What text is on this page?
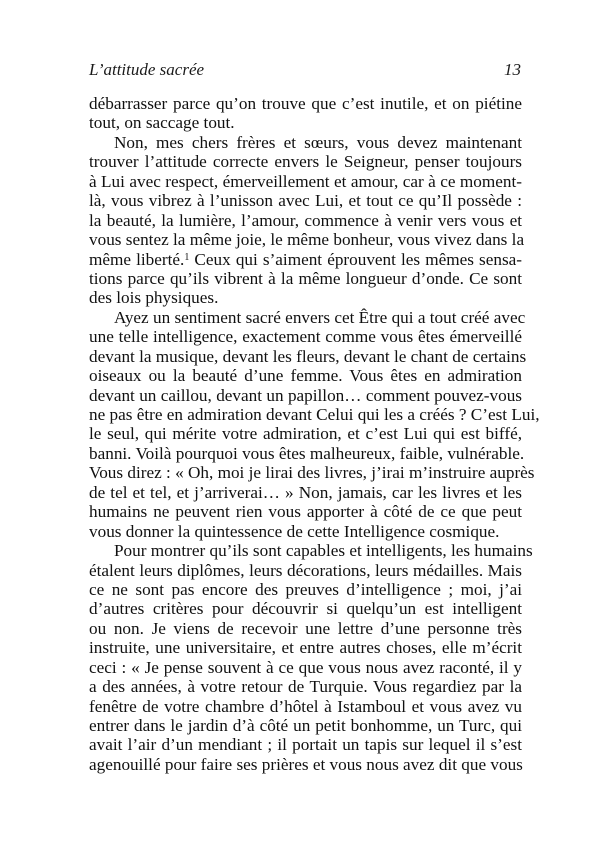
L’attitude sacrée	13
débarrasser parce qu’on trouve que c’est inutile, et on piétine
tout, on saccage tout.
Non, mes chers frères et sœurs, vous devez maintenant
trouver l’attitude correcte envers le Seigneur, penser toujours
à Lui avec respect, émerveillement et amour, car à ce moment-
là, vous vibrez à l’unisson avec Lui, et tout ce qu’Il possède :
la beauté, la lumière, l’amour, commence à venir vers vous et
vous sentez la même joie, le même bonheur, vous vivez dans la
même liberté.$^1$ Ceux qui s’aiment éprouvent les mêmes sensa-
tions parce qu’ils vibrent à la même longueur d’onde. Ce sont
des lois physiques.
Ayez un sentiment sacré envers cet Être qui a tout créé avec
une telle intelligence, exactement comme vous êtes émerveillé
devant la musique, devant les fleurs, devant le chant de certains
oiseaux ou la beauté d’une femme. Vous êtes en admiration
devant un caillou, devant un papillon… comment pouvez-vous
ne pas être en admiration devant Celui qui les a créés ? C’est Lui,
le seul, qui mérite votre admiration, et c’est Lui qui est biffé,
banni. Voilà pourquoi vous êtes malheureux, faible, vulnérable.
Vous direz : « Oh, moi je lirai des livres, j’irai m’instruire auprès
de tel et tel, et j’arriverai… » Non, jamais, car les livres et les
humains ne peuvent rien vous apporter à côté de ce que peut
vous donner la quintessence de cette Intelligence cosmique.
Pour montrer qu’ils sont capables et intelligents, les humains
étalent leurs diplômes, leurs décorations, leurs médailles. Mais
ce ne sont pas encore des preuves d’intelligence ; moi, j’ai
d’autres critères pour découvrir si quelqu’un est intelligent
ou non. Je viens de recevoir une lettre d’une personne très
instruite, une universitaire, et entre autres choses, elle m’écrit
ceci : « Je pense souvent à ce que vous nous avez raconté, il y
a des années, à votre retour de Turquie. Vous regardiez par la
fenêtre de votre chambre d’hôtel à Istamboul et vous avez vu
entrer dans le jardin d’à côté un petit bonhomme, un Turc, qui
avait l’air d’un mendiant ; il portait un tapis sur lequel il s’est
agenouillé pour faire ses prières et vous nous avez dit que vous
